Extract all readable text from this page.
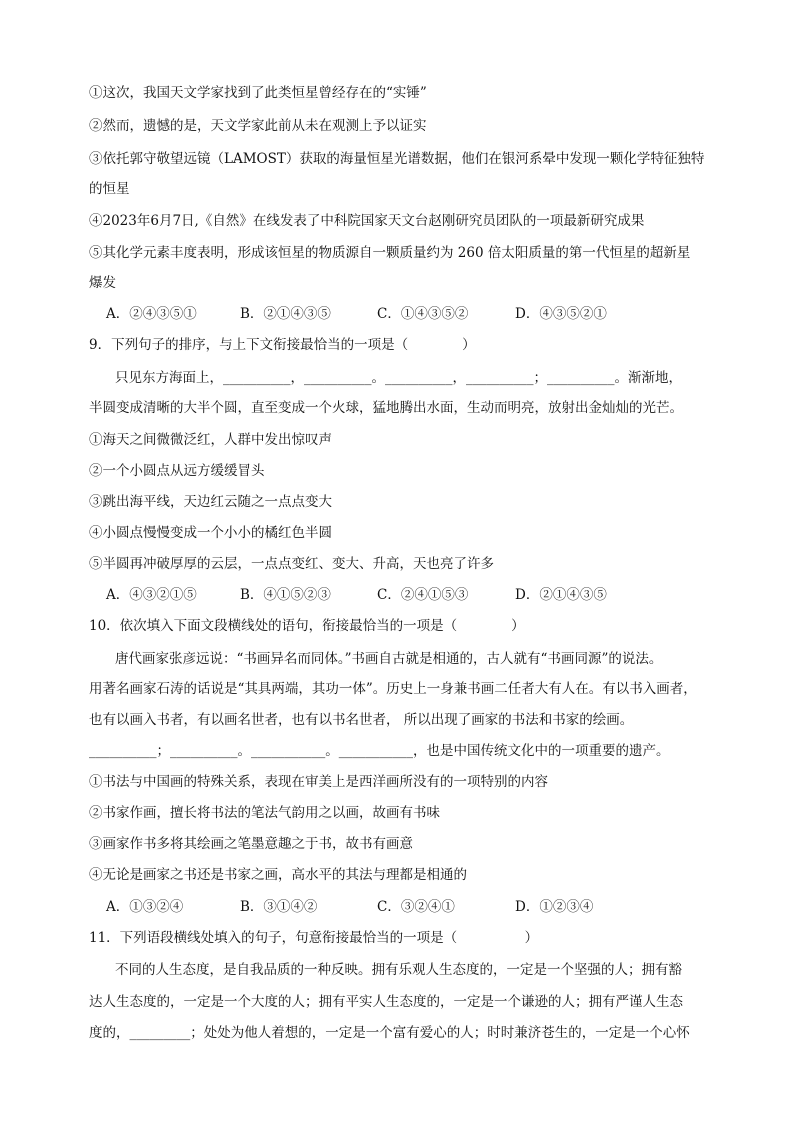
①这次，我国天文学家找到了此类恒星曾经存在的“实锤”
②然而，遗憾的是，天文学家此前从未在观测上予以证实
③依托郭守敬望远镜（LAMOST）获取的海量恒星光谱数据，他们在银河系晕中发现一颗化学特征独特
的恒星
④2023年6月7日,《自然》在线发表了中科院国家天文台赵刚研究员团队的一项最新研究成果
⑤其化学元素丰度表明，形成该恒星的物质源自一颗质量约为 260 倍太阳质量的第一代恒星的超新星
爆发
A．②④③⑤①	B．②①④③⑤	C．①④③⑤②	D．④③⑤②①
9．下列句子的排序，与上下文衔接最恰当的一项是（　　　　）
只见东方海面上，__________，__________。__________，__________；__________。渐渐地，
半圆变成清晰的大半个圆，直至变成一个火球，猛地腾出水面，生动而明亮，放射出金灿灿的光芒。
①海天之间微微泛红，人群中发出惊叹声
②一个小圆点从远方缓缓冒头
③跳出海平线，天边红云随之一点点变大
④小圆点慢慢变成一个小小的橘红色半圆
⑤半圆再冲破厚厚的云层，一点点变红、变大、升高，天也亮了许多
A．④③②①⑤	B．④①⑤②③	C．②④①⑤③	D．②①④③⑤
10．依次填入下面文段横线处的语句，衔接最恰当的一项是（　　　　）
唐代画家张彦远说：“书画异名而同体。”书画自古就是相通的，古人就有“书画同源”的说法。
用著名画家石涛的话说是“其具两端，其功一体”。历史上一身兼书画二任者大有人在。有以书入画者，
也有以画入书者，有以画名世者，也有以书名世者， 所以出现了画家的书法和书家的绘画。
__________；__________。___________。___________，也是中国传统文化中的一项重要的遗产。
①书法与中国画的特殊关系，表现在审美上是西洋画所没有的一项特别的内容
②书家作画，擅长将书法的笔法气韵用之以画，故画有书味
③画家作书多将其绘画之笔墨意趣之于书，故书有画意
④无论是画家之书还是书家之画，高水平的其法与理都是相通的
A．①③②④	B．③①④②	C．③②④①	D．①②③④
11．下列语段横线处填入的句子，句意衔接最恰当的一项是（　　　　　）
不同的人生态度，是自我品质的一种反映。拥有乐观人生态度的，一定是一个坚强的人；拥有豁
达人生态度的，一定是一个大度的人；拥有平实人生态度的，一定是一个谦逊的人；拥有严谨人生态
度的，_________；处处为他人着想的，一定是一个富有爱心的人；时时兼济苍生的，一定是一个心怀
